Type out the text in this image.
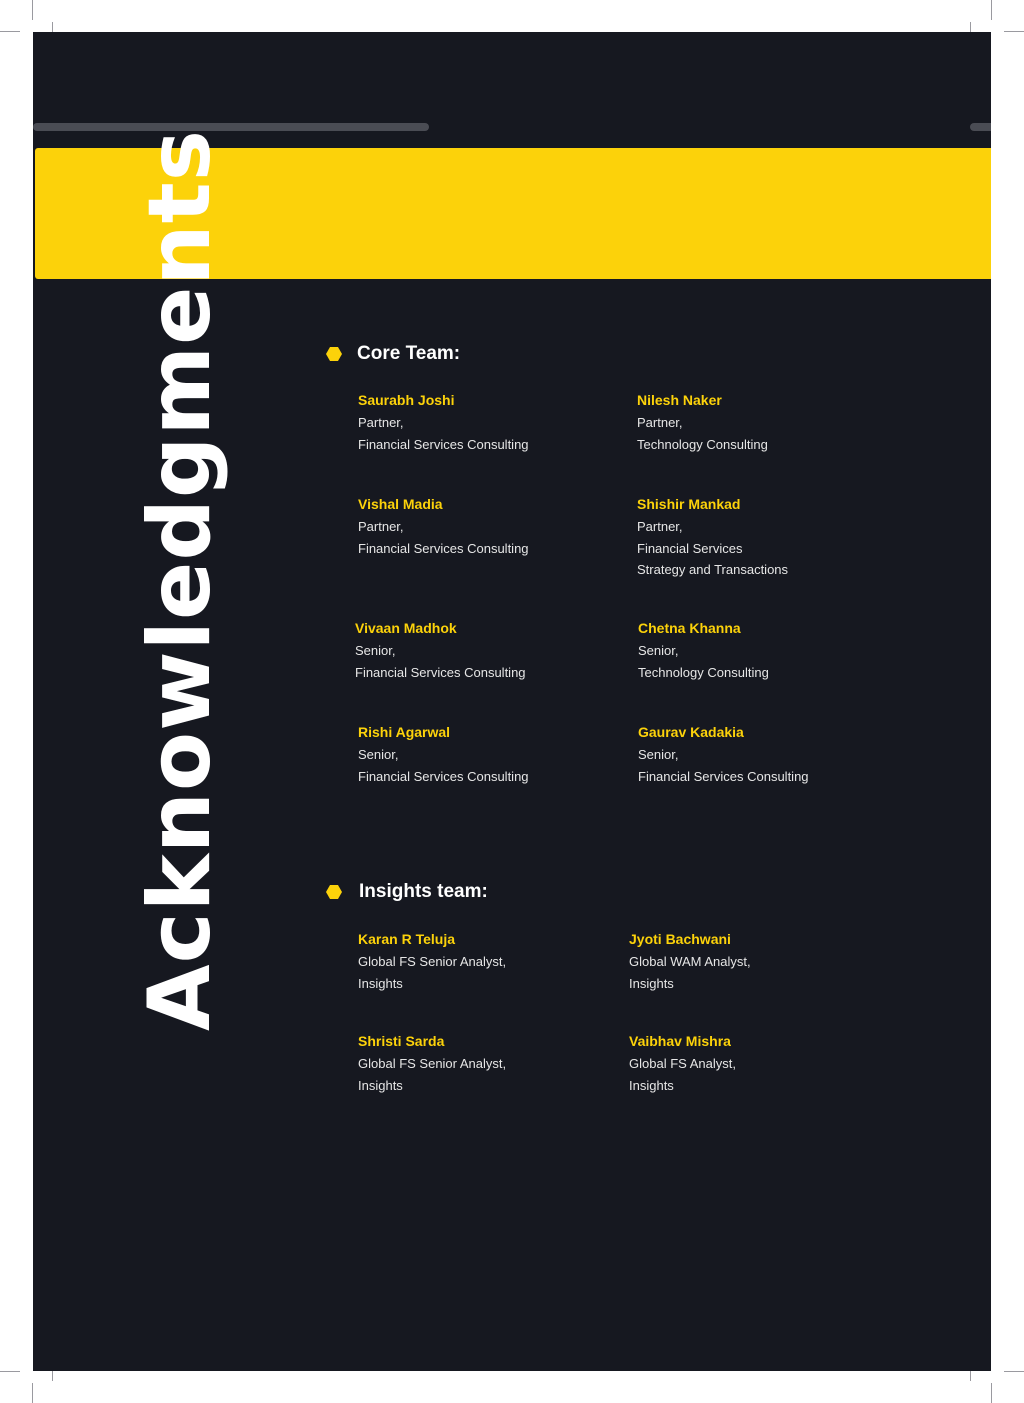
Acknowledgments	Core Team:
Saurabh Joshi
Partner,
Financial Services Consulting
Nilesh Naker
Partner,
Technology Consulting
Vishal Madia
Partner,
Financial Services Consulting
Shishir Mankad
Partner,
Financial Services
Strategy and Transactions
Vivaan Madhok
Senior,
Financial Services Consulting
Chetna Khanna
Senior,
Technology Consulting
Rishi Agarwal
Senior,
Financial Services Consulting
Gaurav Kadakia
Senior,
Financial Services Consulting
Insights team:
Karan R Teluja
Global FS Senior Analyst,
Insights
Jyoti Bachwani
Global WAM Analyst,
Insights
Shristi Sarda
Global FS Senior Analyst,
Insights
Vaibhav Mishra
Global FS Analyst,
Insights
